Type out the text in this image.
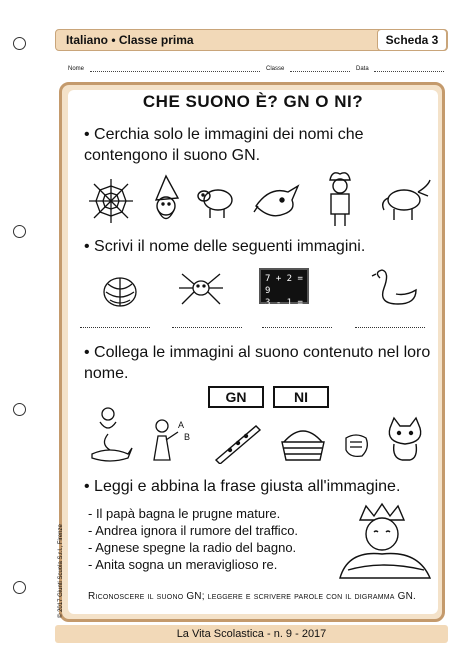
Italiano • Classe prima	Scheda 3
Nome	Classe	Data
CHE SUONO È? GN O NI?
• Cerchia solo le immagini dei nomi che contengono il suono GN.
• Scrivi il nome delle seguenti immagini.
7 + 2 = 9
3 - 1 = 2
• Collega le immagini al suono contenuto nel loro nome.
GN	NI
A
B
• Leggi e abbina la frase giusta all'immagine.
- Il papà bagna le prugne mature.
- Andrea ignora il rumore del traffico.
- Agnese spegne la radio del bagno.
- Anita sogna un meraviglioso re.
Riconoscere il suono GN; leggere e scrivere parole con il digramma GN.
© 2017 Giunti Scuola S.r.l., Firenze
La Vita Scolastica - n. 9 - 2017
